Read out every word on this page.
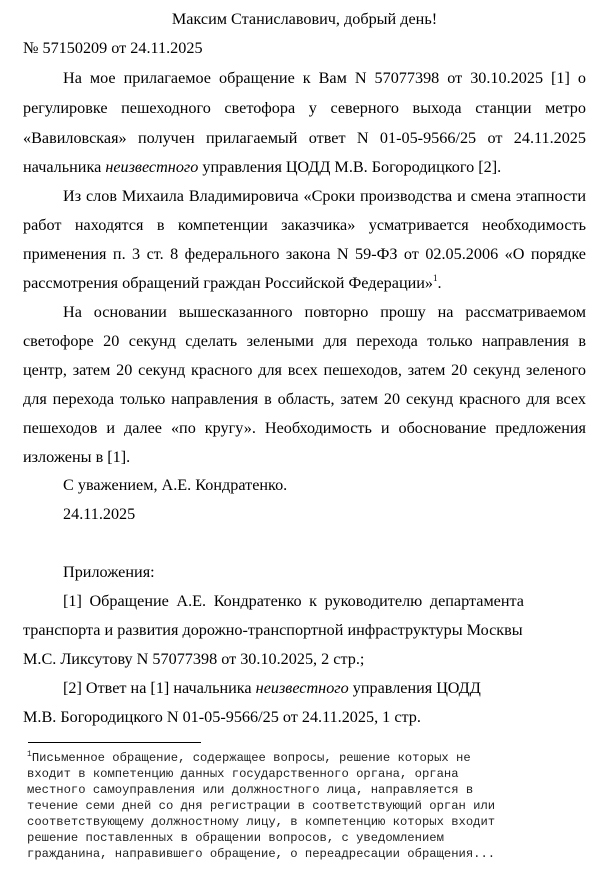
Максим Станиславович, добрый день!
№ 57150209 от 24.11.2025
На мое прилагаемое обращение к Вам N 57077398 от 30.10.2025 [1] о
регулировке пешеходного светофора у северного выхода станции метро
«Вавиловская» получен прилагаемый ответ N 01-05-9566/25 от 24.11.2025
начальника неизвестного управления ЦОДД М.В. Богородицкого [2].
Из слов Михаила Владимировича «Сроки производства и смена этапности
работ находятся в компетенции заказчика» усматривается необходимость
применения п. 3 ст. 8 федерального закона N 59-ФЗ от 02.05.2006 «О порядке
рассмотрения обращений граждан Российской Федерации»$^1$.
На основании вышесказанного повторно прошу на рассматриваемом
светофоре 20 секунд сделать зелеными для перехода только направления в
центр, затем 20 секунд красного для всех пешеходов, затем 20 секунд зеленого
для перехода только направления в область, затем 20 секунд красного для всех
пешеходов и далее «по кругу». Необходимость и обоснование предложения
изложены в [1].
С уважением, А.Е. Кондратенко.
24.11.2025
Приложения:
[1] Обращение А.Е. Кондратенко к руководителю департамента
транспорта и развития дорожно-транспортной инфраструктуры Москвы
М.С. Ликсутову N 57077398 от 30.10.2025, 2 стр.;
[2] Ответ на [1] начальника неизвестного управления ЦОДД
М.В. Богородицкого N 01-05-9566/25 от 24.11.2025, 1 стр.
$^1$Письменное обращение, содержащее вопросы, решение которых не
входит в компетенцию данных государственного органа, органа
местного самоуправления или должностного лица, направляется в
течение семи дней со дня регистрации в соответствующий орган или
соответствующему должностному лицу, в компетенцию которых входит
решение поставленных в обращении вопросов, с уведомлением
гражданина, направившего обращение, о переадресации обращения...
